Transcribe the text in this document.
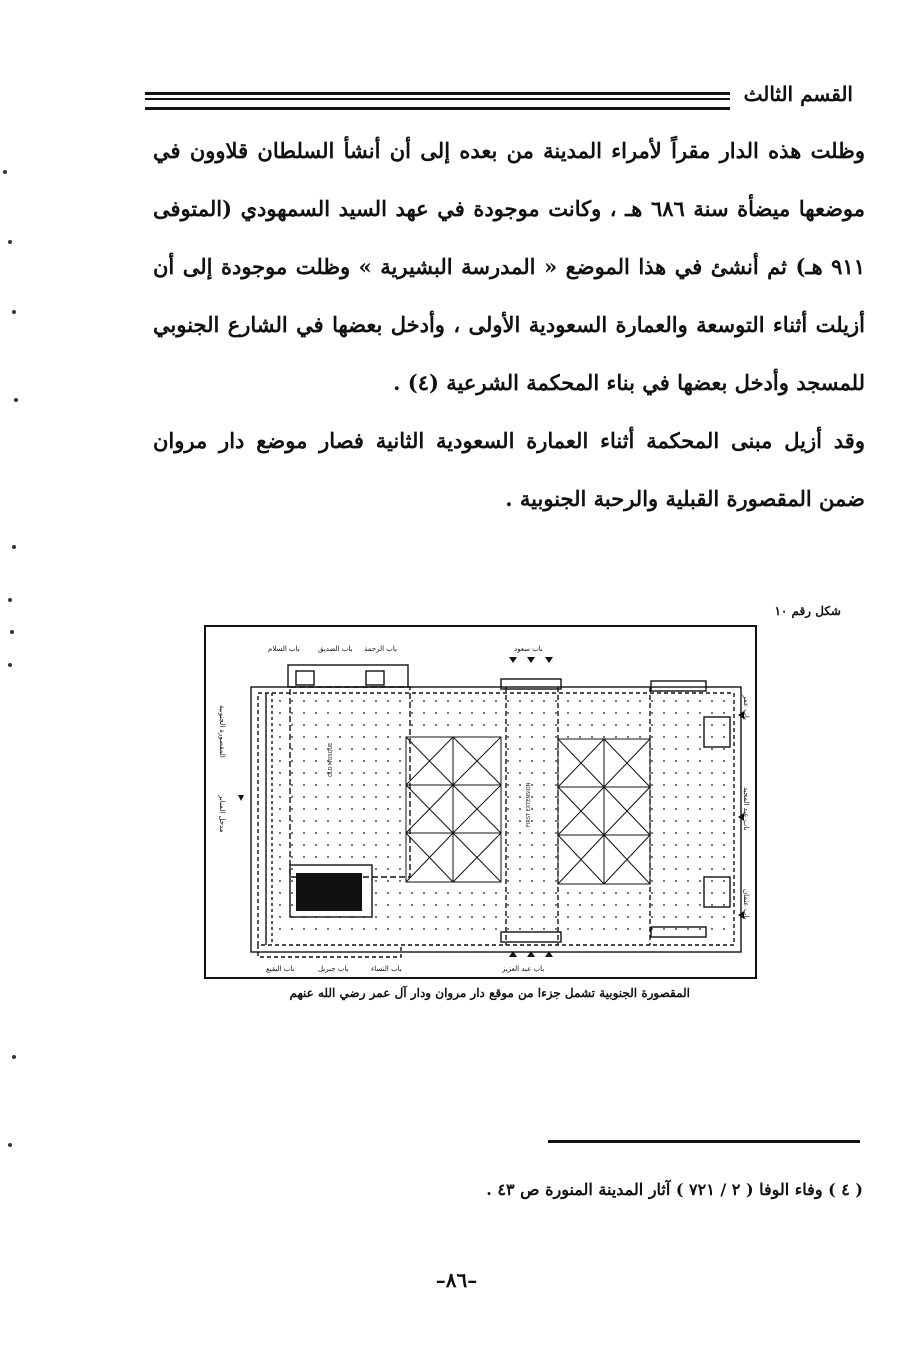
القسم الثالث

وظلت هذه الدار مقراً لأمراء المدينة من بعده إلى أن أنشأ السلطان قلاوون في موضعها ميضأة سنة ٦٨٦ هـ ، وكانت موجودة في عهد السيد السمهودي (المتوفى ٩١١ هـ) ثم أنشئ في هذا الموضع « المدرسة البشيرية » وظلت موجودة إلى أن أزيلت أثناء التوسعة والعمارة السعودية الأولى ، وأدخل بعضها في الشارع الجنوبي للمسجد وأدخل بعضها في بناء المحكمة الشرعية (٤) .

وقد أزيل مبنى المحكمة أثناء العمارة السعودية الثانية فصار موضع دار مروان ضمن المقصورة القبلية والرحبة الجنوبية .

شكل رقم ١٠
باب السلام	باب الصديق باب الرحمة	باب سعود
باب عبد العزيز
باب النساء
باب جبريل
باب البقيع
المقصورة الجنوبية
مدخل المنابر
باب عمر
باب عبد المجيد
باب عثمان
OLD MOSQUE
FIRST EXTENSION
المقصورة الجنوبية تشمل جزءا من موقع دار مروان ودار آل عمر رضي الله عنهم
( ٤ ) وفاء الوفا ( ٢ / ٧٢١ ) آثار المدينة المنورة ص ٤٣ .
–٨٦–
